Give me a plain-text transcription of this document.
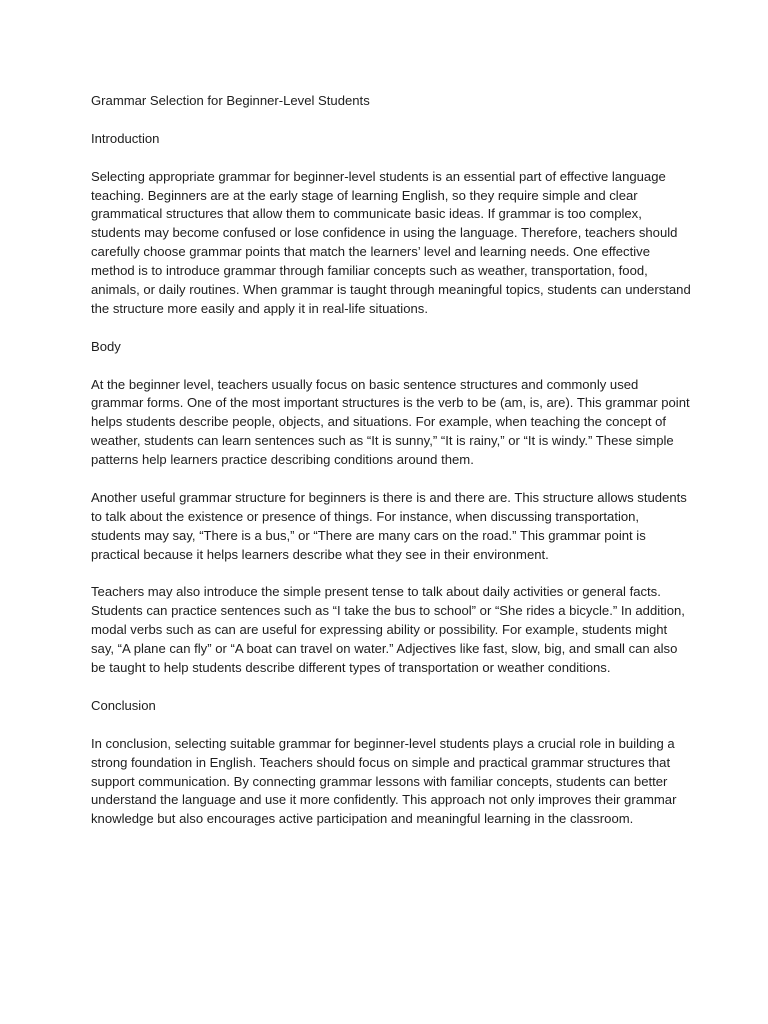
Grammar Selection for Beginner-Level Students

Introduction

Selecting appropriate grammar for beginner-level students is an essential part of effective language teaching. Beginners are at the early stage of learning English, so they require simple and clear grammatical structures that allow them to communicate basic ideas. If grammar is too complex, students may become confused or lose confidence in using the language. Therefore, teachers should carefully choose grammar points that match the learners’ level and learning needs. One effective method is to introduce grammar through familiar concepts such as weather, transportation, food, animals, or daily routines. When grammar is taught through meaningful topics, students can understand the structure more easily and apply it in real-life situations.

Body

At the beginner level, teachers usually focus on basic sentence structures and commonly used grammar forms. One of the most important structures is the verb to be (am, is, are). This grammar point helps students describe people, objects, and situations. For example, when teaching the concept of weather, students can learn sentences such as “It is sunny,” “It is rainy,” or “It is windy.” These simple patterns help learners practice describing conditions around them.

Another useful grammar structure for beginners is there is and there are. This structure allows students to talk about the existence or presence of things. For instance, when discussing transportation, students may say, “There is a bus,” or “There are many cars on the road.” This grammar point is practical because it helps learners describe what they see in their environment.

Teachers may also introduce the simple present tense to talk about daily activities or general facts. Students can practice sentences such as “I take the bus to school” or “She rides a bicycle.” In addition, modal verbs such as can are useful for expressing ability or possibility. For example, students might say, “A plane can fly” or “A boat can travel on water.” Adjectives like fast, slow, big, and small can also be taught to help students describe different types of transportation or weather conditions.

Conclusion

In conclusion, selecting suitable grammar for beginner-level students plays a crucial role in building a strong foundation in English. Teachers should focus on simple and practical grammar structures that support communication. By connecting grammar lessons with familiar concepts, students can better understand the language and use it more confidently. This approach not only improves their grammar knowledge but also encourages active participation and meaningful learning in the classroom.
